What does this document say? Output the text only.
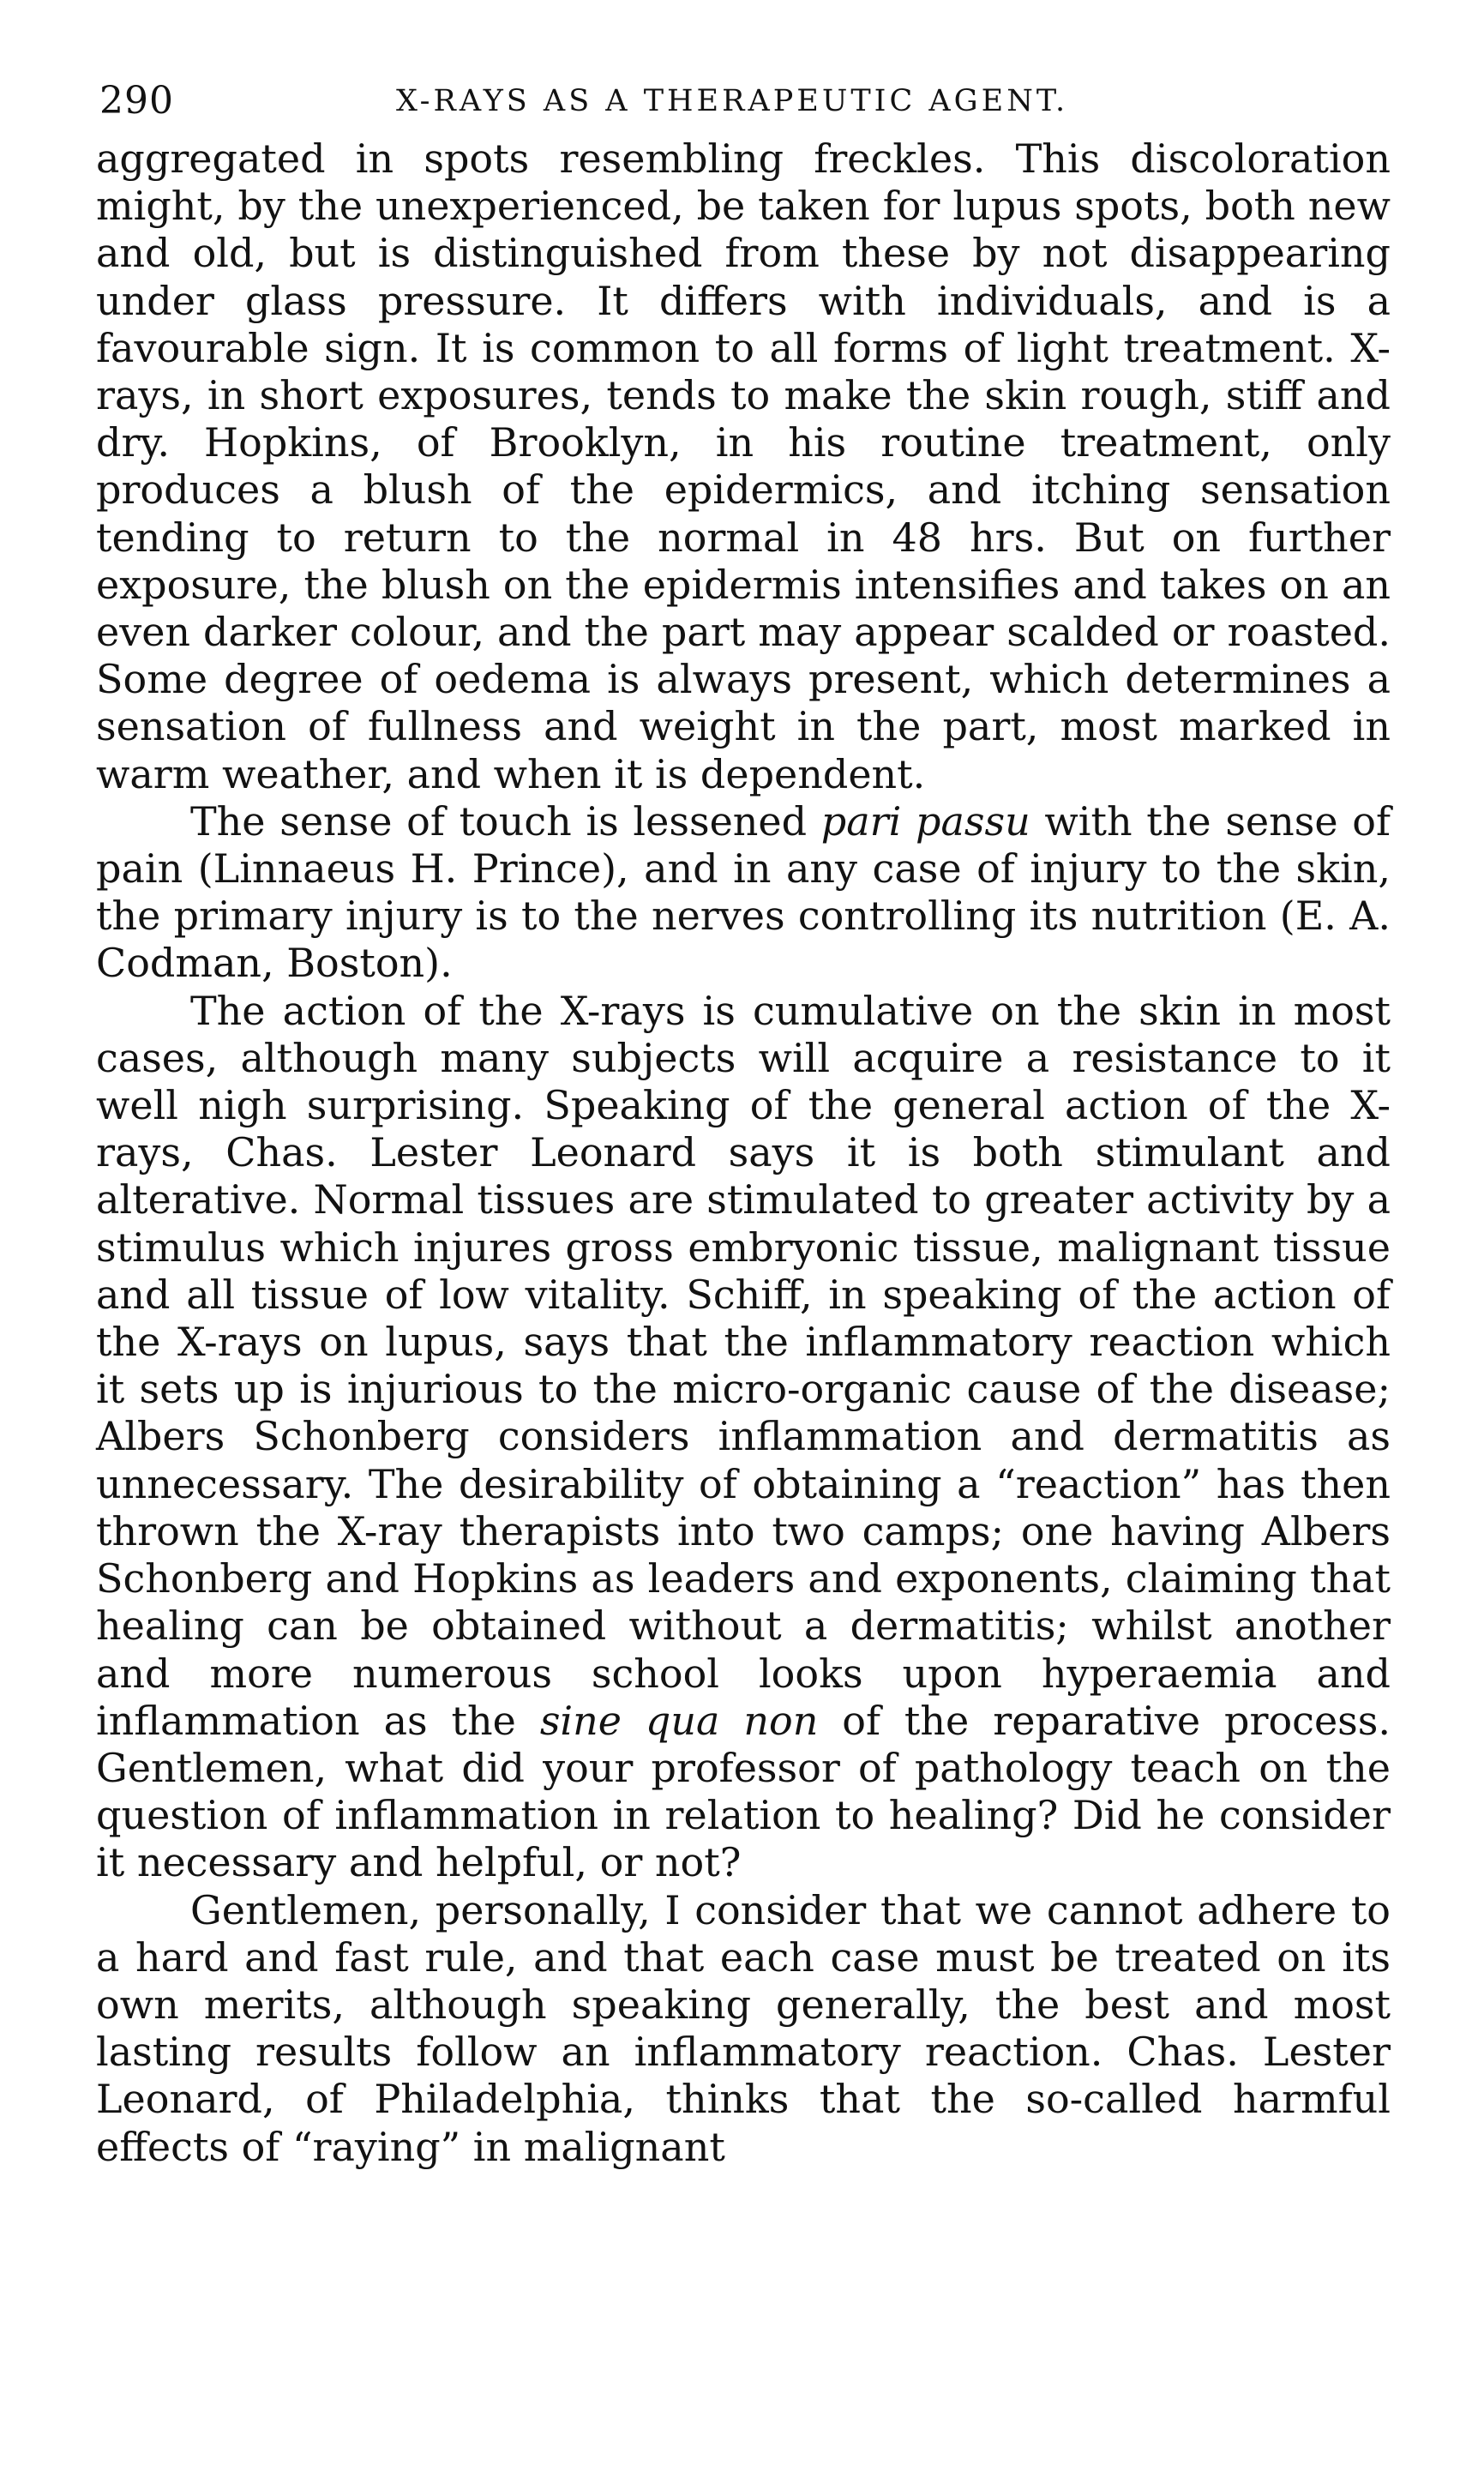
290	X-RAYS AS A THERAPEUTIC AGENT.

aggregated in spots resembling freckles. This discoloration might, by the unexperienced, be taken for lupus spots, both new and old, but is distinguished from these by not disappearing under glass pressure. It differs with individuals, and is a favourable sign. It is common to all forms of light treatment. X-rays, in short exposures, tends to make the skin rough, stiff and dry. Hopkins, of Brooklyn, in his routine treatment, only produces a blush of the epidermics, and itching sensation tending to return to the normal in 48 hrs. But on further exposure, the blush on the epidermis intensifies and takes on an even darker colour, and the part may appear scalded or roasted. Some degree of oedema is always present, which determines a sensation of fullness and weight in the part, most marked in warm weather, and when it is dependent.

The sense of touch is lessened pari passu with the sense of pain (Linnaeus H. Prince), and in any case of injury to the skin, the primary injury is to the nerves controlling its nutrition (E. A. Codman, Boston).

The action of the X-rays is cumulative on the skin in most cases, although many subjects will acquire a resistance to it well nigh surprising. Speaking of the general action of the X-rays, Chas. Lester Leonard says it is both stimulant and alterative. Normal tissues are stimulated to greater activity by a stimulus which injures gross embryonic tissue, malignant tissue and all tissue of low vitality. Schiff, in speaking of the action of the X-rays on lupus, says that the inflammatory reaction which it sets up is injurious to the micro-organic cause of the disease; Albers Schonberg considers inflammation and dermatitis as unnecessary. The desirability of obtaining a “reaction” has then thrown the X-ray therapists into two camps; one having Albers Schonberg and Hopkins as leaders and exponents, claiming that healing can be obtained without a dermatitis; whilst another and more numerous school looks upon hyperaemia and inflammation as the sine qua non of the reparative process. Gentlemen, what did your professor of pathology teach on the question of inflammation in relation to healing? Did he consider it necessary and helpful, or not?

Gentlemen, personally, I consider that we cannot adhere to a hard and fast rule, and that each case must be treated on its own merits, although speaking generally, the best and most lasting results follow an inflammatory reaction. Chas. Lester Leonard, of Philadelphia, thinks that the so-called harmful effects of “raying” in malignant
